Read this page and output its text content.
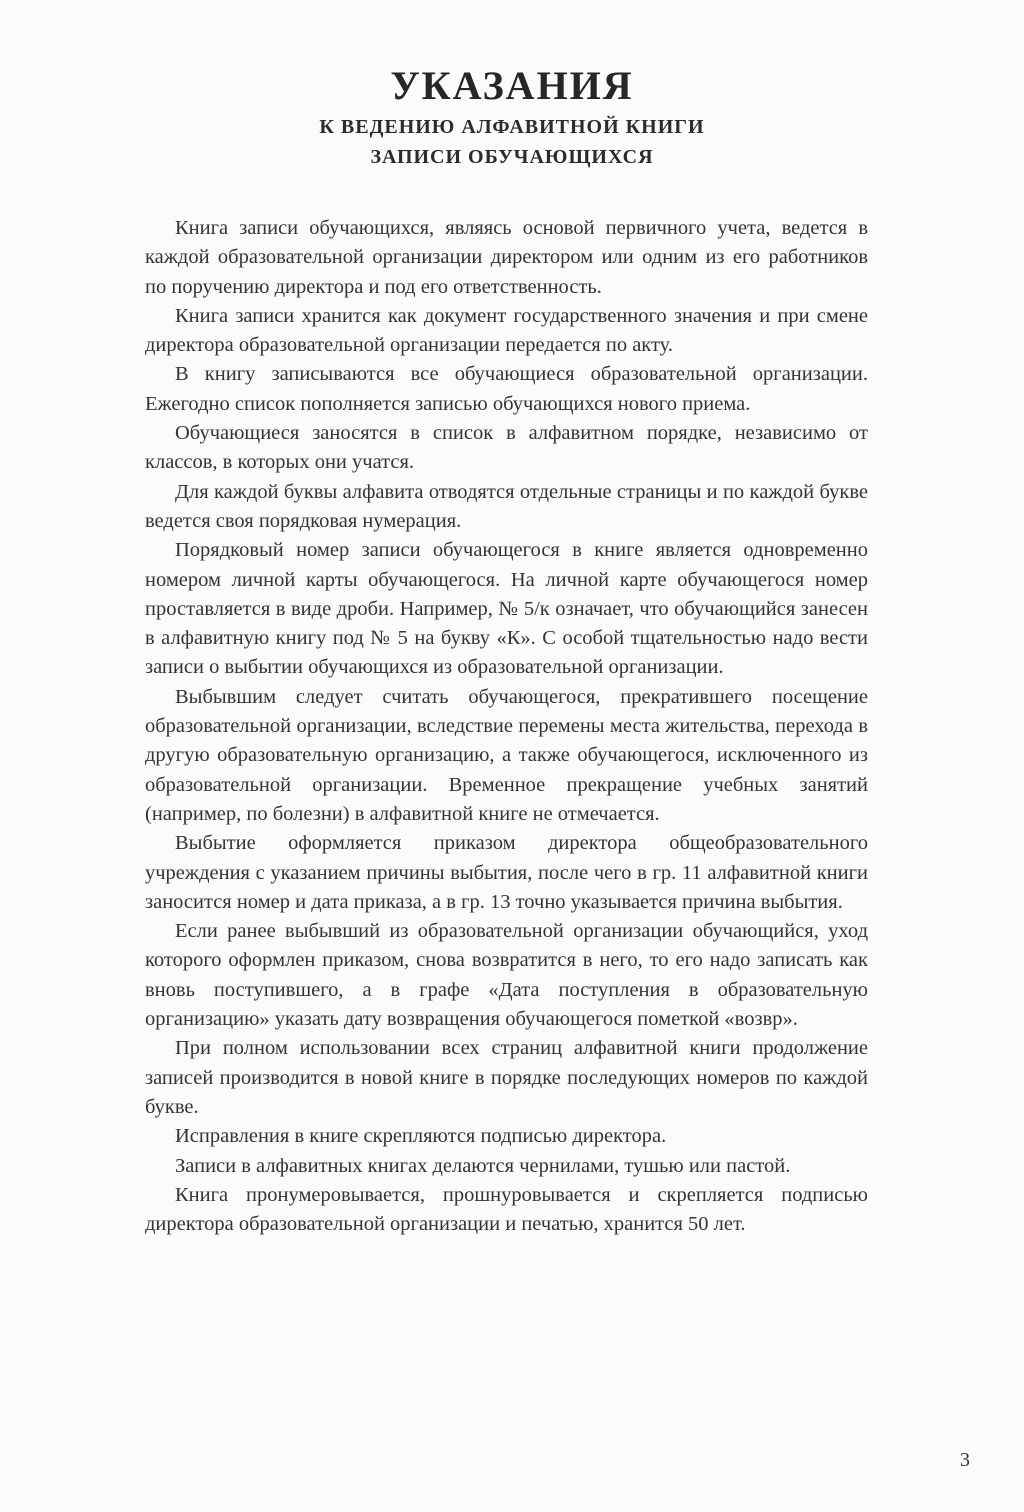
УКАЗАНИЯ
К ВЕДЕНИЮ АЛФАВИТНОЙ КНИГИ
ЗАПИСИ ОБУЧАЮЩИХСЯ

Книга записи обучающихся, являясь основой первичного учета, ведется в каждой образовательной организации директором или одним из его работников по поручению директора и под его ответственность.

Книга записи хранится как документ государственного значения и при смене директора образовательной организации передается по акту.

В книгу записываются все обучающиеся образовательной организации. Ежегодно список пополняется записью обучающихся нового приема.

Обучающиеся заносятся в список в алфавитном порядке, независимо от классов, в которых они учатся.

Для каждой буквы алфавита отводятся отдельные страницы и по каждой букве ведется своя порядковая нумерация.

Порядковый номер записи обучающегося в книге является одновременно номером личной карты обучающегося. На личной карте обучающегося номер проставляется в виде дроби. Например, № 5/к означает, что обучающийся занесен в алфавитную книгу под № 5 на букву «К». С особой тщательностью надо вести записи о выбытии обучающихся из образовательной организации.

Выбывшим следует считать обучающегося, прекратившего посещение образовательной организации, вследствие перемены места жительства, перехода в другую образовательную организацию, а также обучающегося, исключенного из образовательной организации. Временное прекращение учебных занятий (например, по болезни) в алфавитной книге не отмечается.

Выбытие оформляется приказом директора общеобразовательного учреждения с указанием причины выбытия, после чего в гр. 11 алфавитной книги заносится номер и дата приказа, а в гр. 13 точно указывается причина выбытия.

Если ранее выбывший из образовательной организации обучающийся, уход которого оформлен приказом, снова возвратится в него, то его надо записать как вновь поступившего, а в графе «Дата поступления в образовательную организацию» указать дату возвращения обучающегося пометкой «возвр».

При полном использовании всех страниц алфавитной книги продолжение записей производится в новой книге в порядке последующих номеров по каждой букве.

Исправления в книге скрепляются подписью директора.

Записи в алфавитных книгах делаются чернилами, тушью или пастой.

Книга пронумеровывается, прошнуровывается и скрепляется подписью директора образовательной организации и печатью, хранится 50 лет.

3
